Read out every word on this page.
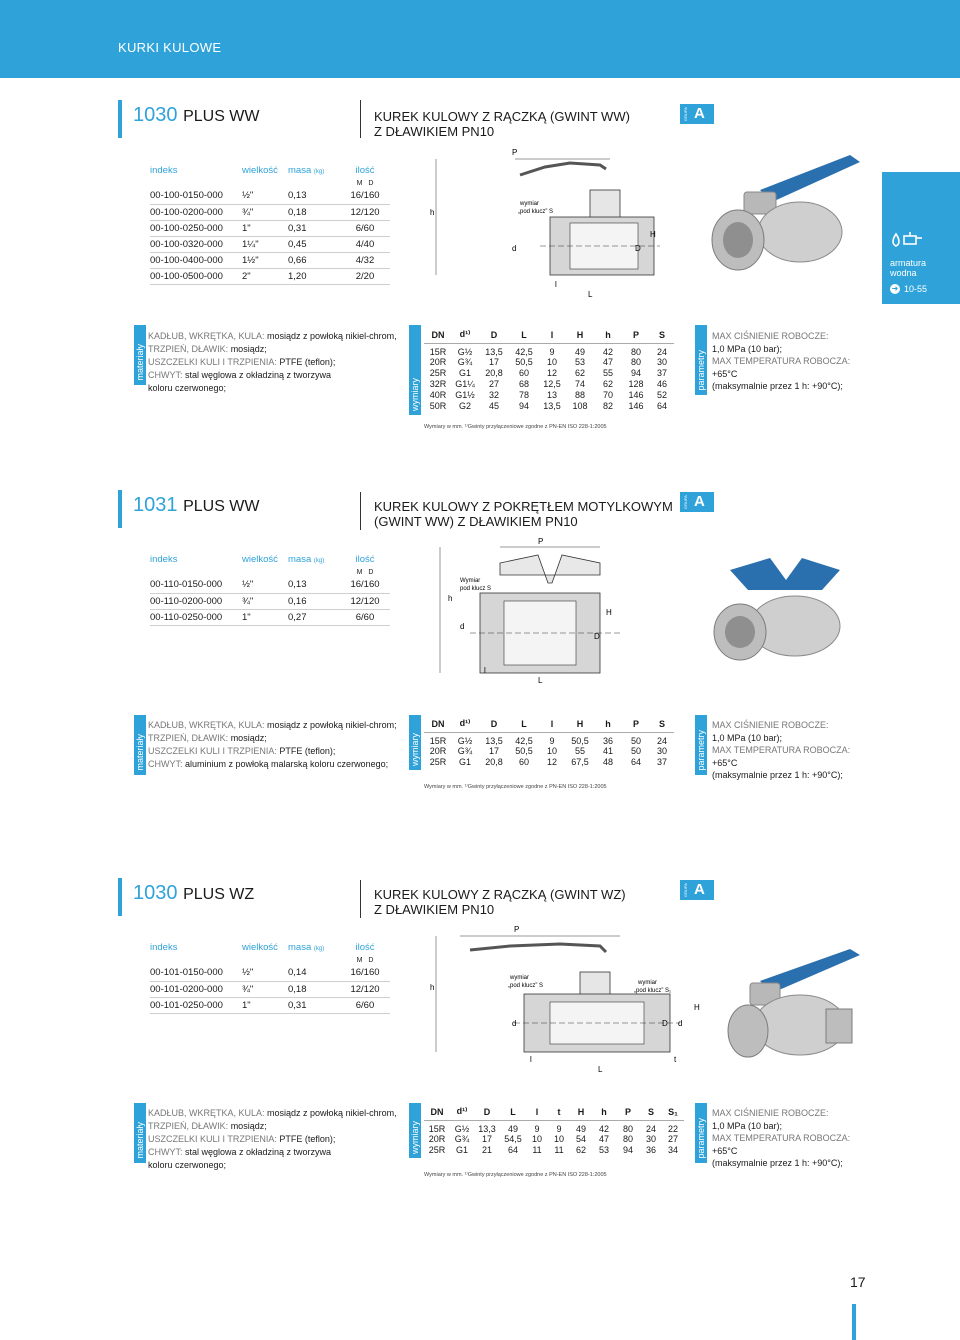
KURKI KULOWE
armatura
wodna
➜ 10-55
1030 PLUS WW	KUREK KULOWY Z RĄCZKĄ (GWINT WW)
Z DŁAWIKIEM PN10
GRUPA A
indeks	wielkość	masa (kg)	ilość
			M D
00-100-0150-000	½"	0,13	16/160
00-100-0200-000	¾"	0,18	12/120
00-100-0250-000	1"	0,31	6/60
00-100-0320-000	1¼"	0,45	4/40
00-100-0400-000	1½"	0,66	4/32
00-100-0500-000	2"	1,20	2/20
P
h
d	D
H
l
L
wymiar
„pod klucz” S
materiały
KADŁUB, WKRĘTKA, KULA: mosiądz z powłoką nikiel-chrom,
TRZPIEŃ, DŁAWIK: mosiądz;
USZCZELKI KULI I TRZPIENIA: PTFE (teflon);
CHWYT: stal węglowa z okładziną z tworzywa
koloru czerwonego;	wymiary
DN	d¹⁾	D	L	l	H	h	P	S
15R	G½	13,5	42,5	9	49	42	80	24
20R	G¾	17	50,5	10	53	47	80	30
25R	G1	20,8	60	12	62	55	94	37
32R	G1¼	27	68	12,5	74	62	128	46
40R	G1½	32	78	13	88	70	146	52
50R	G2	45	94	13,5	108	82	146	64
Wymiary w mm. ¹⁾Gwinty przyłączeniowe zgodne z PN-EN ISO 228-1:2005
parametry
MAX CIŚNIENIE ROBOCZE:
1,0 MPa (10 bar);
MAX TEMPERATURA ROBOCZA:
+65°C
(maksymalnie przez 1 h: +90°C);
1031 PLUS WW	KUREK KULOWY Z POKRĘTŁEM MOTYLKOWYM
(GWINT WW) Z DŁAWIKIEM PN10
GRUPA A
indeks	wielkość	masa (kg)	ilość
			M D
00-110-0150-000	½"	0,13	16/160
00-110-0200-000	¾"	0,16	12/120
00-110-0250-000	1"	0,27	6/60
P
h
d
D
H
l
L
Wymiar
pod klucz S
materiały
KADŁUB, WKRĘTKA, KULA: mosiądz z powłoką nikiel-chrom;
TRZPIEŃ, DŁAWIK: mosiądz;
USZCZELKI KULI I TRZPIENIA: PTFE (teflon);
CHWYT: aluminium z powłoką malarską koloru czerwonego;	wymiary
DN	d¹⁾	D	L	l	H	h	P	S
15R	G½	13,5	42,5	9	50,5	36	50	24
20R	G¾	17	50,5	10	55	41	50	30
25R	G1	20,8	60	12	67,5	48	64	37
Wymiary w mm. ¹⁾Gwinty przyłączeniowe zgodne z PN-EN ISO 228-1:2005
parametry
MAX CIŚNIENIE ROBOCZE:
1,0 MPa (10 bar);
MAX TEMPERATURA ROBOCZA:
+65°C
(maksymalnie przez 1 h: +90°C);
1030 PLUS WZ	KUREK KULOWY Z RĄCZKĄ (GWINT WZ)
Z DŁAWIKIEM PN10
GRUPA A
indeks	wielkość	masa (kg)	ilość
			M D
00-101-0150-000	½"	0,14	16/160
00-101-0200-000	¾"	0,18	12/120
00-101-0250-000	1"	0,31	6/60
P
h
d	D d
H
l
L
t
wymiar
„pod klucz” S	wymiar
„pod klucz” S₁
materiały
KADŁUB, WKRĘTKA, KULA: mosiądz z powłoką nikiel-chrom,
TRZPIEŃ, DŁAWIK: mosiądz;
USZCZELKI KULI I TRZPIENIA: PTFE (teflon);
CHWYT: stal węglowa z okładziną z tworzywa
koloru czerwonego;
wymiary
DN	d¹⁾	D	L	l	t	H	h	P	S	S₁
15R	G½	13,3	49	9	9	49	42	80	24	22
20R	G¾	17	54,5	10	10	54	47	80	30	27
25R	G1	21	64	11	11	62	53	94	36	34
Wymiary w mm. ¹⁾Gwinty przyłączeniowe zgodne z PN-EN ISO 228-1:2005
parametry
MAX CIŚNIENIE ROBOCZE:
1,0 MPa (10 bar);
MAX TEMPERATURA ROBOCZA:
+65°C
(maksymalnie przez 1 h: +90°C);
17
